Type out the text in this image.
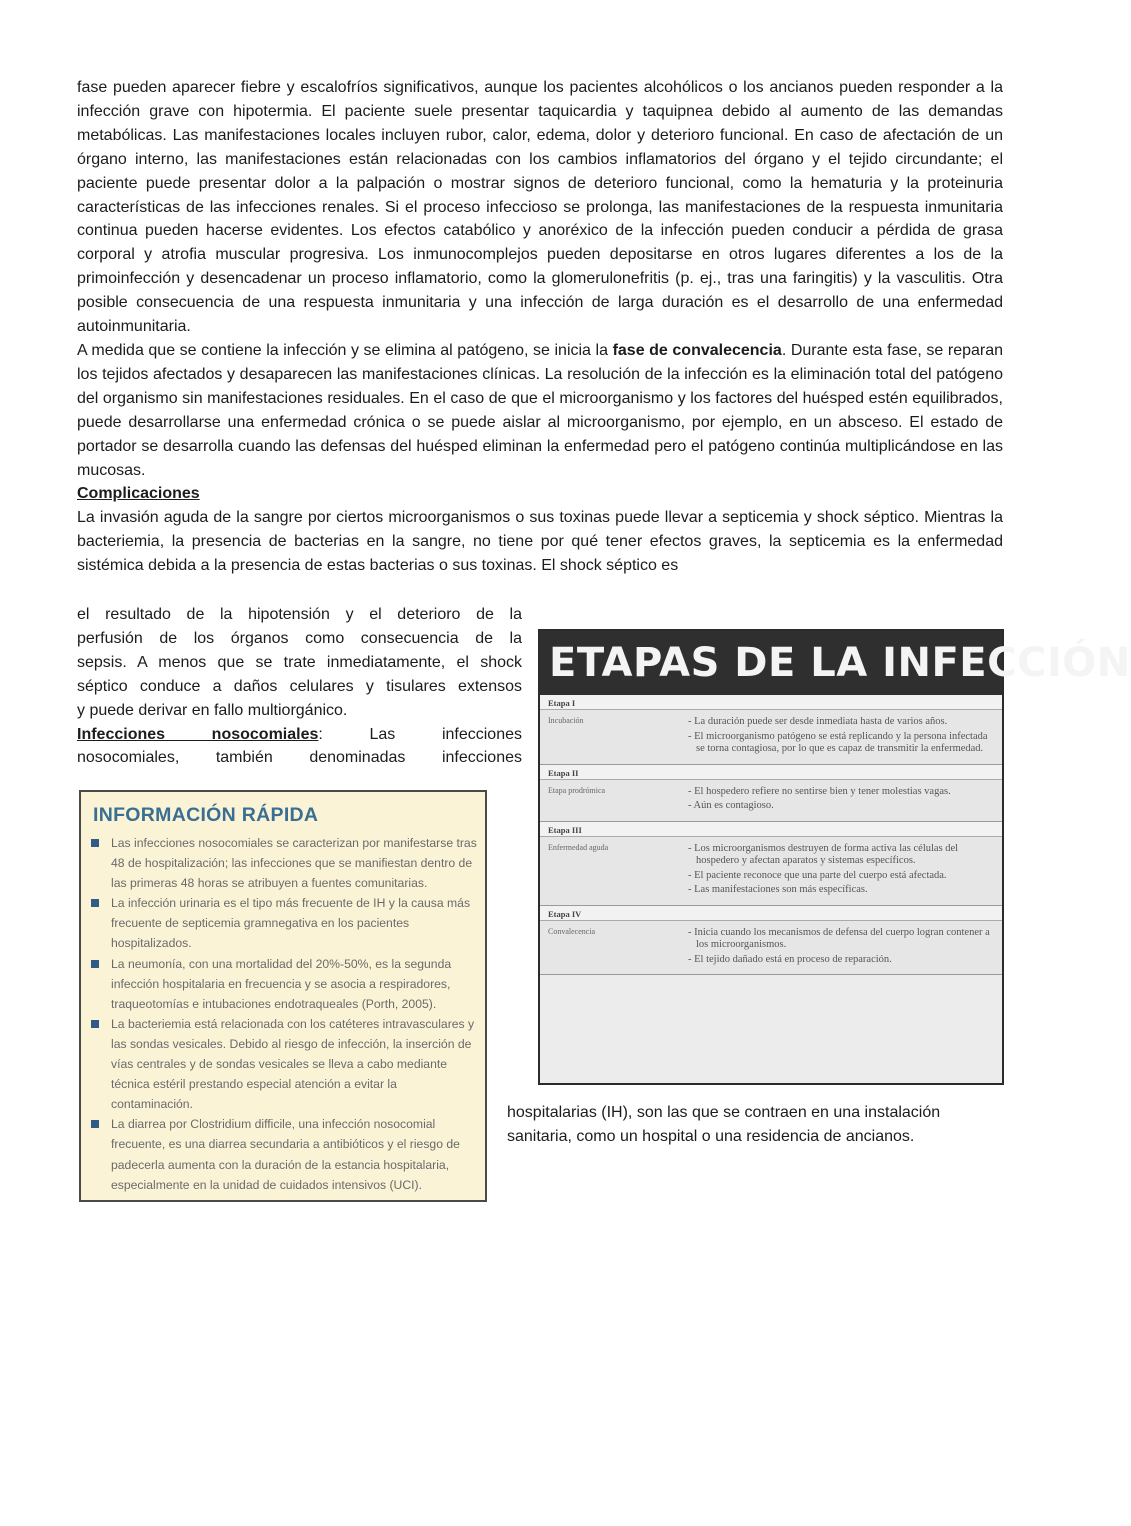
fase pueden aparecer fiebre y escalofríos significativos, aunque los pacientes alcohólicos o los ancianos pueden responder a la infección grave con hipotermia. El paciente suele presentar taquicardia y taquipnea debido al aumento de las demandas metabólicas. Las manifestaciones locales incluyen rubor, calor, edema, dolor y deterioro funcional. En caso de afectación de un órgano interno, las manifestaciones están relacionadas con los cambios inflamatorios del órgano y el tejido circundante; el paciente puede presentar dolor a la palpación o mostrar signos de deterioro funcional, como la hematuria y la proteinuria características de las infecciones renales. Si el proceso infeccioso se prolonga, las manifestaciones de la respuesta inmunitaria continua pueden hacerse evidentes. Los efectos catabólico y anoréxico de la infección pueden conducir a pérdida de grasa corporal y atrofia muscular progresiva. Los inmunocomplejos pueden depositarse en otros lugares diferentes a los de la primoinfección y desencadenar un proceso inflamatorio, como la glomerulonefritis (p. ej., tras una faringitis) y la vasculitis. Otra posible consecuencia de una respuesta inmunitaria y una infección de larga duración es el desarrollo de una enfermedad autoinmunitaria.

A medida que se contiene la infección y se elimina al patógeno, se inicia la fase de convalecencia. Durante esta fase, se reparan los tejidos afectados y desaparecen las manifestaciones clínicas. La resolución de la infección es la eliminación total del patógeno del organismo sin manifestaciones residuales. En el caso de que el microorganismo y los factores del huésped estén equilibrados, puede desarrollarse una enfermedad crónica o se puede aislar al microorganismo, por ejemplo, en un absceso. El estado de portador se desarrolla cuando las defensas del huésped eliminan la enfermedad pero el patógeno continúa multiplicándose en las mucosas.

Complicaciones

La invasión aguda de la sangre por ciertos microorganismos o sus toxinas puede llevar a septicemia y shock séptico. Mientras la bacteriemia, la presencia de bacterias en la sangre, no tiene por qué tener efectos graves, la septicemia es la enfermedad sistémica debida a la presencia de estas bacterias o sus toxinas. El shock séptico es

el resultado de la hipotensión y el deterioro de la
perfusión de los órganos como consecuencia de la
sepsis. A menos que se trate inmediatamente, el shock
séptico conduce a daños celulares y tisulares extensos
y puede derivar en fallo multiorgánico.
Infecciones nosocomiales: Las infecciones
nosocomiales, también denominadas infecciones
ETAPAS DE LA INFECCIÓN
Etapa I
Incubación	- La duración puede ser desde inmediata hasta de varios años.
- El microorganismo patógeno se está replicando y la persona infectada se torna contagiosa, por lo que es capaz de transmitir la enfermedad.
Etapa II
Etapa prodrómica	- El hospedero refiere no sentirse bien y tener molestias vagas.
- Aún es contagioso.
Etapa III
Enfermedad aguda	- Los microorganismos destruyen de forma activa las células del hospedero y afectan aparatos y sistemas específicos.
- El paciente reconoce que una parte del cuerpo está afectada.
- Las manifestaciones son más específicas.
Etapa IV
Convalecencia	- Inicia cuando los mecanismos de defensa del cuerpo logran contener a los microorganismos.
- El tejido dañado está en proceso de reparación.
INFORMACIÓN RÁPIDA
Las infecciones nosocomiales se caracterizan por manifestarse tras 48 de hospitalización; las infecciones que se manifiestan dentro de las primeras 48 horas se atribuyen a fuentes comunitarias.
La infección urinaria es el tipo más frecuente de IH y la causa más frecuente de septicemia gramnegativa en los pacientes hospitalizados.
La neumonía, con una mortalidad del 20%-50%, es la segunda infección hospitalaria en frecuencia y se asocia a respiradores, traqueotomías e intubaciones endotraqueales (Porth, 2005).
La bacteriemia está relacionada con los catéteres intravasculares y las sondas vesicales. Debido al riesgo de infección, la inserción de vías centrales y de sondas vesicales se lleva a cabo mediante técnica estéril prestando especial atención a evitar la contaminación.
La diarrea por Clostridium difficile, una infección nosocomial frecuente, es una diarrea secundaria a antibióticos y el riesgo de padecerla aumenta con la duración de la estancia hospitalaria, especialmente en la unidad de cuidados intensivos (UCI).

hospitalarias (IH), son las que se contraen en una instalación sanitaria, como un hospital o una residencia de ancianos.
